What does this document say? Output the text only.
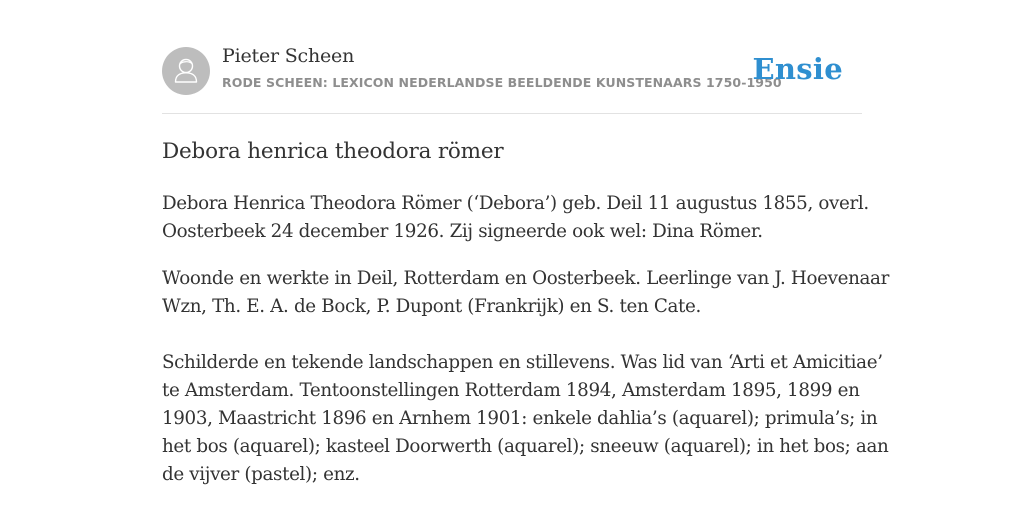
Pieter Scheen
RODE SCHEEN: LEXICON NEDERLANDSE BEELDENDE KUNSTENAARS 1750-1950
Ensie
Debora henrica theodora römer

Debora Henrica Theodora Römer (‘Debora’) geb. Deil 11 augustus 1855, overl.
Oosterbeek 24 december 1926. Zij signeerde ook wel: Dina Römer.

Woonde en werkte in Deil, Rotterdam en Oosterbeek. Leerlinge van J. Hoevenaar
Wzn, Th. E. A. de Bock, P. Dupont (Frankrijk) en S. ten Cate.

Schilderde en tekende landschappen en stillevens. Was lid van ‘Arti et Amicitiae’
te Amsterdam. Tentoonstellingen Rotterdam 1894, Amsterdam 1895, 1899 en
1903, Maastricht 1896 en Arnhem 1901: enkele dahlia’s (aquarel); primula’s; in
het bos (aquarel); kasteel Doorwerth (aquarel); sneeuw (aquarel); in het bos; aan
de vijver (pastel); enz.
